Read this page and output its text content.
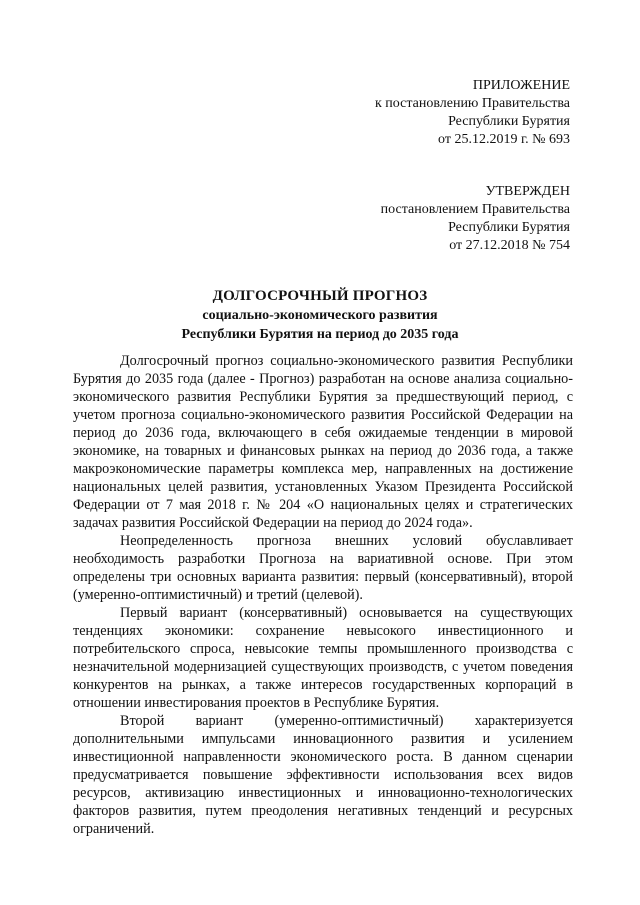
ПРИЛОЖЕНИЕ
к постановлению Правительства
Республики Бурятия
от 25.12.2019 г. № 693
УТВЕРЖДЕН
постановлением Правительства
Республики Бурятия
от 27.12.2018 № 754
ДОЛГОСРОЧНЫЙ ПРОГНОЗ
социально-экономического развития
Республики Бурятия на период до 2035 года

Долгосрочный прогноз социально-экономического развития Республики Бурятия до 2035 года (далее - Прогноз) разработан на основе анализа социально-экономического развития Республики Бурятия за предшествующий период, с учетом прогноза социально-экономического развития Российской Федерации на период до 2036 года, включающего в себя ожидаемые тенденции в мировой экономике, на товарных и финансовых рынках на период до 2036 года, а также макроэкономические параметры комплекса мер, направленных на достижение национальных целей развития, установленных Указом Президента Российской Федерации от 7 мая 2018 г. № 204 «О национальных целях и стратегических задачах развития Российской Федерации на период до 2024 года».

Неопределенность прогноза внешних условий обуславливает необходимость разработки Прогноза на вариативной основе. При этом определены три основных варианта развития: первый (консервативный), второй (умеренно-оптимистичный) и третий (целевой).

Первый вариант (консервативный) основывается на существующих тенденциях экономики: сохранение невысокого инвестиционного и потребительского спроса, невысокие темпы промышленного производства с незначительной модернизацией существующих производств, с учетом поведения конкурентов на рынках, а также интересов государственных корпораций в отношении инвестирования проектов в Республике Бурятия.

Второй вариант (умеренно-оптимистичный) характеризуется дополнительными импульсами инновационного развития и усилением инвестиционной направленности экономического роста. В данном сценарии предусматривается повышение эффективности использования всех видов ресурсов, активизацию инвестиционных и инновационно-технологических факторов развития, путем преодоления негативных тенденций и ресурсных ограничений.
